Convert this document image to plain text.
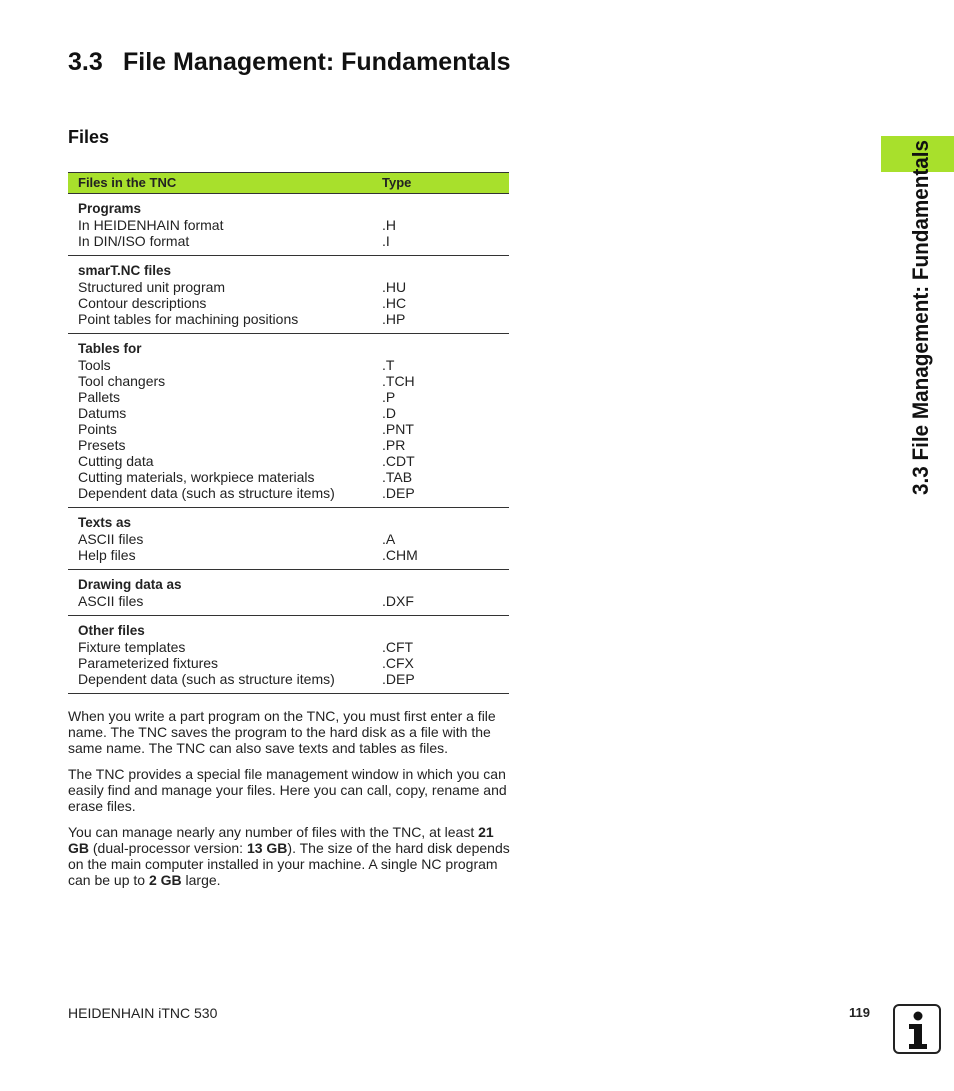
3.3 File Management: Fundamentals
Files
Files in the TNC	Type
Programs
In HEIDENHAIN format	.H
In DIN/ISO format	.I
smarT.NC files
Structured unit program	.HU
Contour descriptions	.HC
Point tables for machining positions	.HP
Tables for
Tools	.T
Tool changers	.TCH
Pallets	.P
Datums	.D
Points	.PNT
Presets	.PR
Cutting data	.CDT
Cutting materials, workpiece materials	.TAB
Dependent data (such as structure items)	.DEP
Texts as
ASCII files	.A
Help files	.CHM
Drawing data as
ASCII files	.DXF
Other files
Fixture templates	.CFT
Parameterized fixtures	.CFX
Dependent data (such as structure items)	.DEP
When you write a part program on the TNC, you must first enter a file name. The TNC saves the program to the hard disk as a file with the same name. The TNC can also save texts and tables as files.
The TNC provides a special file management window in which you can easily find and manage your files. Here you can call, copy, rename and erase files.
You can manage nearly any number of files with the TNC, at least 21 GB (dual-processor version: 13 GB). The size of the hard disk depends on the main computer installed in your machine. A single NC program can be up to 2 GB large.
3.3 File Management: Fundamentals
HEIDENHAIN iTNC 530	119
